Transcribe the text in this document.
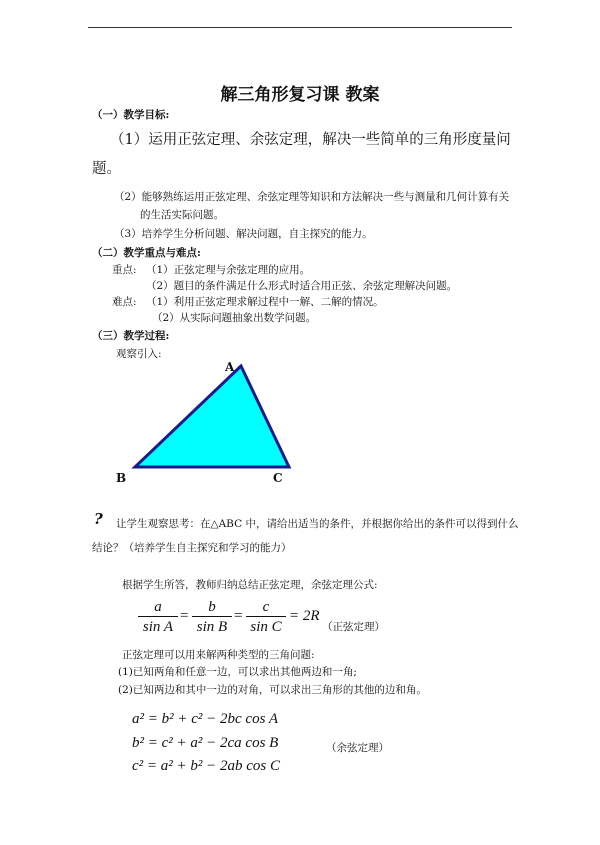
解三角形复习课 教案
（一）教学目标:
（1）运用正弦定理、余弦定理，解决一些简单的三角形度量问
题。
（2）能够熟练运用正弦定理、余弦定理等知识和方法解决一些与测量和几何计算有关
的生活实际问题。
（3）培养学生分析问题、解决问题，自主探究的能力。
（二）教学重点与难点:
重点: （1）正弦定理与余弦定理的应用。
（2）题目的条件满足什么形式时适合用正弦、余弦定理解决问题。
难点: （1）利用正弦定理求解过程中一解、二解的情况。
（2）从实际问题抽象出数学问题。
（三）教学过程:
观察引入:
A
B	C
? 让学生观察思考：在△ABC 中，请给出适当的条件，并根据你给出的条件可以得到什么
结论？（培养学生自主探究和学习的能力）
根据学生所答，教师归纳总结正弦定理，余弦定理公式:
a
sin A
=
b
sin B
=
c
sin C
= 2R
（正弦定理）
正弦定理可以用来解两种类型的三角问题:
(1)已知两角和任意一边，可以求出其他两边和一角;
(2)已知两边和其中一边的对角，可以求出三角形的其他的边和角。
a² = b² + c² − 2bc cos A
b² = c² + a² − 2ca cos B
c² = a² + b² − 2ab cos C
（余弦定理）
